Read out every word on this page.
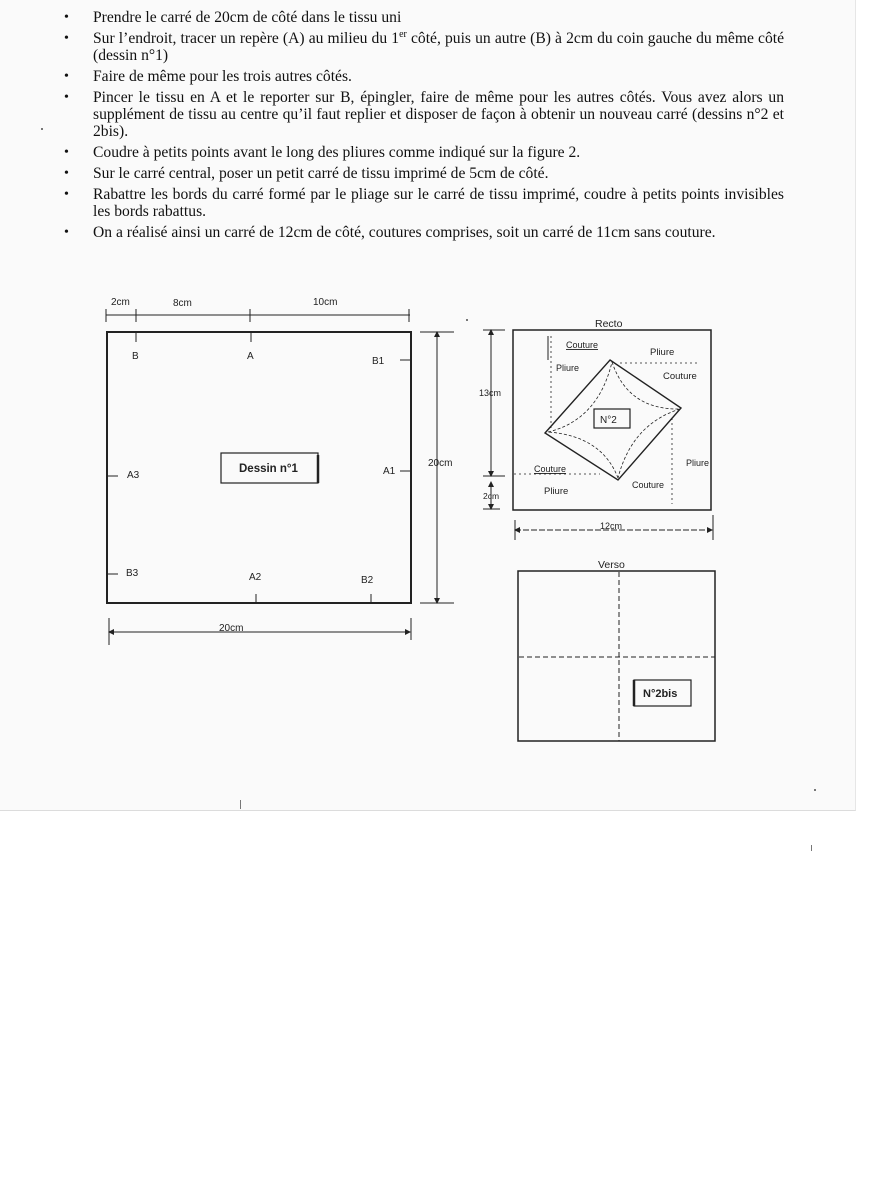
• Prendre le carré de 20cm de côté dans le tissu uni
• Sur l’endroit, tracer un repère (A) au milieu du 1er côté, puis un autre (B) à 2cm du coin gauche du même côté (dessin n°1)
• Faire de même pour les trois autres côtés.
• Pincer le tissu en A et le reporter sur B, épingler, faire de même pour les autres côtés. Vous avez alors un supplément de tissu au centre qu’il faut replier et disposer de façon à obtenir un nouveau carré (dessins n°2 et 2bis).
• Coudre à petits points avant le long des pliures comme indiqué sur la figure 2.
• Sur le carré central, poser un petit carré de tissu imprimé de 5cm de côté.
• Rabattre les bords du carré formé par le pliage sur le carré de tissu imprimé, coudre à petits points invisibles les bords rabattus.
• On a réalisé ainsi un carré de 12cm de côté, coutures comprises, soit un carré de 11cm sans couture.
2cm	8cm	10cm
B	A	B1
A3	A1
20cm
B3	A2	B2
20cm
Dessin n°1
Recto
Couture
Pliure
Pliure
Couture
N°2
Couture
Pliure
Pliure
Couture
13cm
2cm
12cm
Verso
N°2bis
